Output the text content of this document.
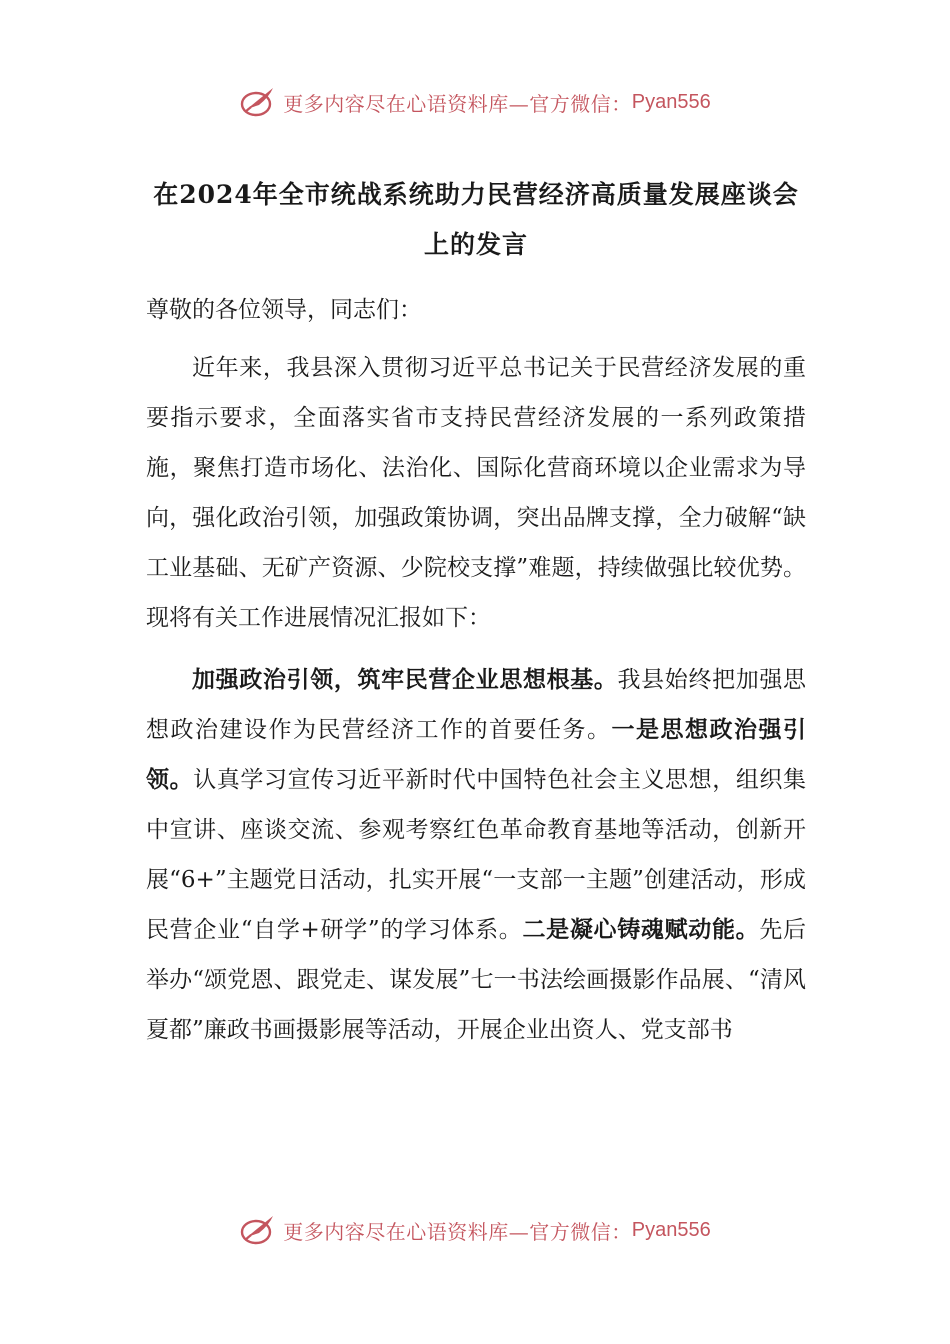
更多内容尽在心语资料库—官方微信： Pyan556
在2024年全市统战系统助力民营经济高质量发展座谈会上的发言

尊敬的各位领导，同志们：

近年来，我县深入贯彻习近平总书记关于民营经济发展的重要指示要求，全面落实省市支持民营经济发展的一系列政策措施，聚焦打造市场化、法治化、国际化营商环境以企业需求为导向，强化政治引领，加强政策协调，突出品牌支撑，全力破解“缺工业基础、无矿产资源、少院校支撑”难题，持续做强比较优势。现将有关工作进展情况汇报如下：

加强政治引领，筑牢民营企业思想根基。我县始终把加强思想政治建设作为民营经济工作的首要任务。一是思想政治强引领。认真学习宣传习近平新时代中国特色社会主义思想，组织集中宣讲、座谈交流、参观考察红色革命教育基地等活动，创新开展“6+”主题党日活动，扎实开展“一支部一主题”创建活动，形成民营企业“自学+研学”的学习体系。二是凝心铸魂赋动能。先后举办“颂党恩、跟党走、谋发展”七一书法绘画摄影作品展、“清风夏都”廉政书画摄影展等活动，开展企业出资人、党支部书

更多内容尽在心语资料库—官方微信： Pyan556
